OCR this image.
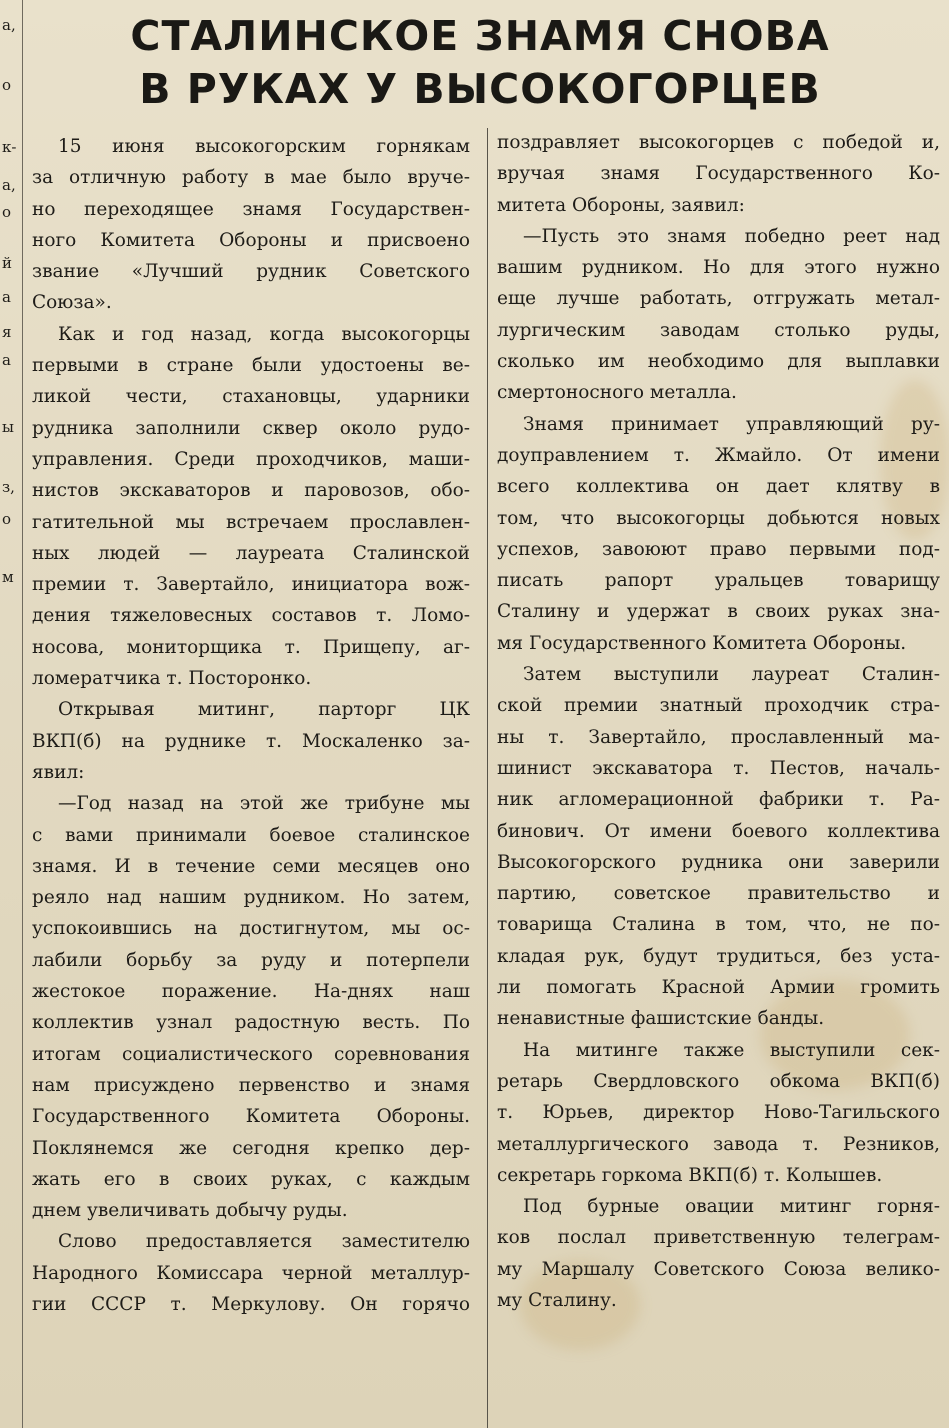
а,
о
к-
а,
о
й
а
я
а
ы
з,
о
м
СТАЛИНСКОЕ ЗНАМЯ СНОВА
В РУКАХ У ВЫСОКОГОРЦЕВ
15 июня высокогорским горнякам
за отличную работу в мае было вруче-
но переходящее знамя Государствен-
ного Комитета Обороны и присвоено
звание «Лучший рудник Советского
Союза».
Как и год назад, когда высокогорцы
первыми в стране были удостоены ве-
ликой чести, стахановцы, ударники
рудника заполнили сквер около рудо-
управления. Среди проходчиков, маши-
нистов экскаваторов и паровозов, обо-
гатительной мы встречаем прославлен-
ных людей — лауреата Сталинской
премии т. Завертайло, инициатора вож-
дения тяжеловесных составов т. Ломо-
носова, мониторщика т. Прищепу, аг-
ломератчика т. Посторонко.
Открывая митинг, парторг ЦК
ВКП(б) на руднике т. Москаленко за-
явил:
—Год назад на этой же трибуне мы
с вами принимали боевое сталинское
знамя. И в течение семи месяцев оно
реяло над нашим рудником. Но затем,
успокоившись на достигнутом, мы ос-
лабили борьбу за руду и потерпели
жестокое поражение. На-днях наш
коллектив узнал радостную весть. По
итогам социалистического соревнования
нам присуждено первенство и знамя
Государственного Комитета Обороны.
Поклянемся же сегодня крепко дер-
жать его в своих руках, с каждым
днем увеличивать добычу руды.
Слово предоставляется заместителю
Народного Комиссара черной металлур-
гии СССР т. Меркулову. Он горячо
поздравляет высокогорцев с победой и,
вручая знамя Государственного Ко-
митета Обороны, заявил:
—Пусть это знамя победно реет над
вашим рудником. Но для этого нужно
еще лучше работать, отгружать метал-
лургическим заводам столько руды,
сколько им необходимо для выплавки
смертоносного металла.
Знамя принимает управляющий ру-
доуправлением т. Жмайло. От имени
всего коллектива он дает клятву в
том, что высокогорцы добьются новых
успехов, завоюют право первыми под-
писать рапорт уральцев товарищу
Сталину и удержат в своих руках зна-
мя Государственного Комитета Обороны.
Затем выступили лауреат Сталин-
ской премии знатный проходчик стра-
ны т. Завертайло, прославленный ма-
шинист экскаватора т. Пестов, началь-
ник агломерационной фабрики т. Ра-
бинович. От имени боевого коллектива
Высокогорского рудника они заверили
партию, советское правительство и
товарища Сталина в том, что, не по-
кладая рук, будут трудиться, без уста-
ли помогать Красной Армии громить
ненавистные фашистские банды.
На митинге также выступили сек-
ретарь Свердловского обкома ВКП(б)
т. Юрьев, директор Ново-Тагильского
металлургического завода т. Резников,
секретарь горкома ВКП(б) т. Колышев.
Под бурные овации митинг горня-
ков послал приветственную телеграм-
му Маршалу Советского Союза велико-
му Сталину.
